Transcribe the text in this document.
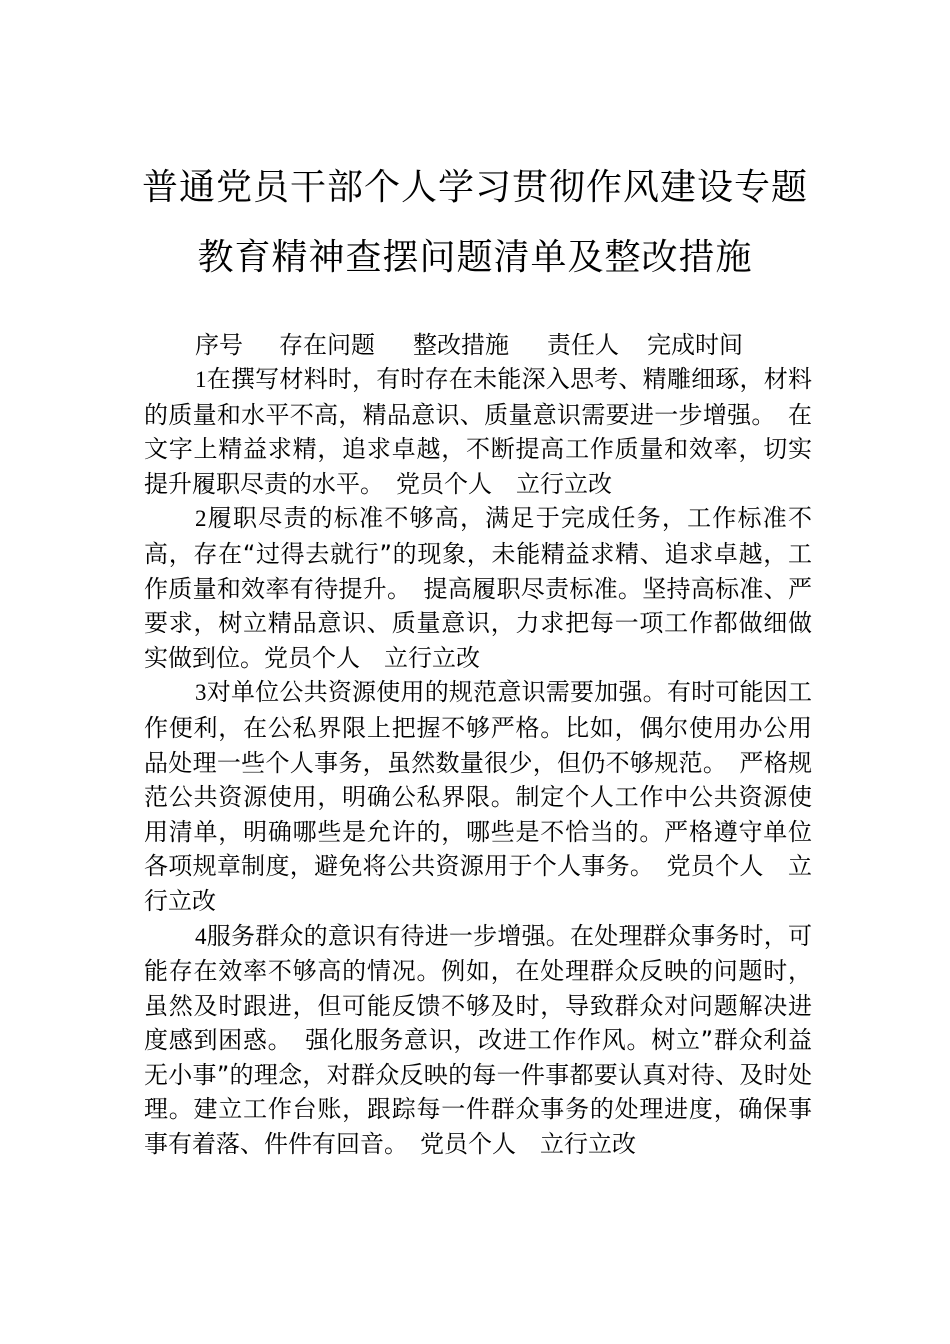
普通党员干部个人学习贯彻作风建设专题
教育精神查摆问题清单及整改措施
序号 存在问题 整改措施 责任人 完成时间

1在撰写材料时，有时存在未能深入思考、精雕细琢，材料的质量和水平不高，精品意识、质量意识需要进一步增强。　在文字上精益求精，追求卓越，不断提高工作质量和效率，切实提升履职尽责的水平。　党员个人　立行立改

2履职尽责的标准不够高，满足于完成任务，工作标准不高，存在“过得去就行”的现象，未能精益求精、追求卓越，工作质量和效率有待提升。　提高履职尽责标准。坚持高标准、严要求，树立精品意识、质量意识，力求把每一项工作都做细做实做到位。党员个人　立行立改

3对单位公共资源使用的规范意识需要加强。有时可能因工作便利，在公私界限上把握不够严格。比如，偶尔使用办公用品处理一些个人事务，虽然数量很少，但仍不够规范。　严格规范公共资源使用，明确公私界限。制定个人工作中公共资源使用清单，明确哪些是允许的，哪些是不恰当的。严格遵守单位各项规章制度，避免将公共资源用于个人事务。　党员个人　立行立改

4服务群众的意识有待进一步增强。在处理群众事务时，可能存在效率不够高的情况。例如，在处理群众反映的问题时，虽然及时跟进，但可能反馈不够及时，导致群众对问题解决进度感到困惑。　强化服务意识，改进工作作风。树立”群众利益无小事”的理念，对群众反映的每一件事都要认真对待、及时处理。建立工作台账，跟踪每一件群众事务的处理进度，确保事事有着落、件件有回音。　党员个人　立行立改
